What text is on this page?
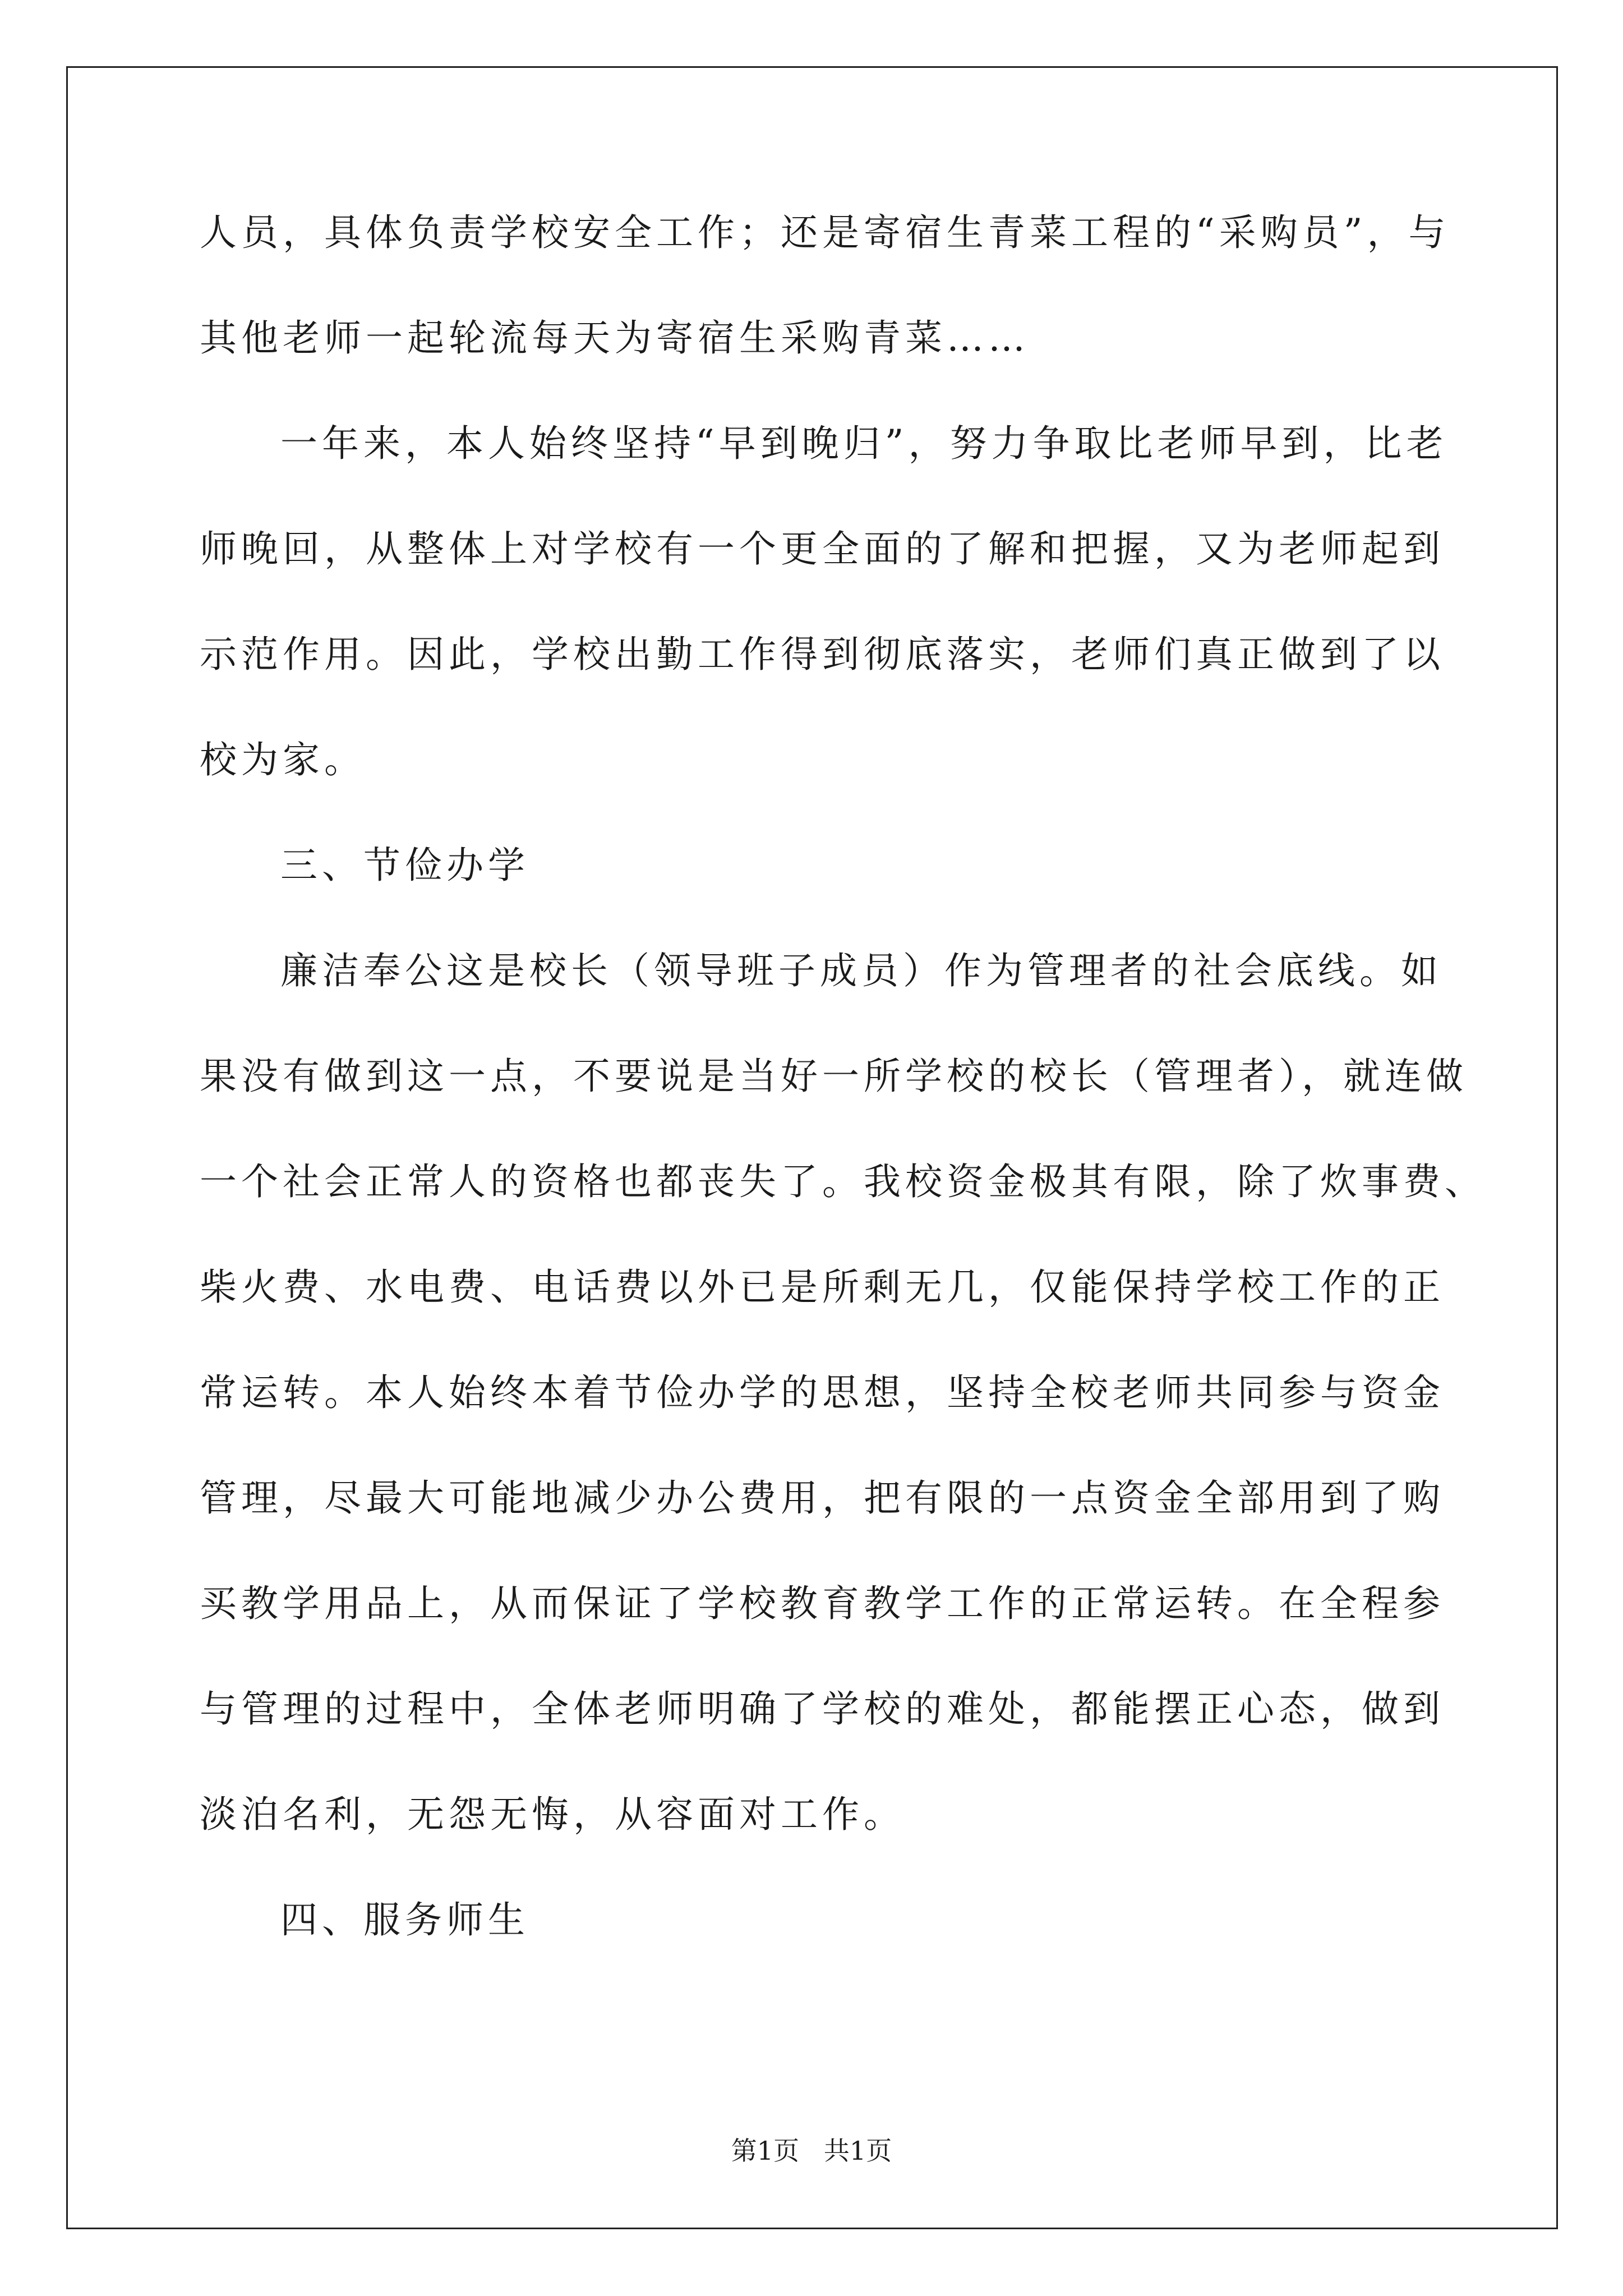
人员，具体负责学校安全工作；还是寄宿生青菜工程的“采购员”，与
其他老师一起轮流每天为寄宿生采购青菜……
一年来，本人始终坚持“早到晚归”，努力争取比老师早到，比老
师晚回，从整体上对学校有一个更全面的了解和把握，又为老师起到
示范作用。因此，学校出勤工作得到彻底落实，老师们真正做到了以
校为家。
三、节俭办学
廉洁奉公这是校长（领导班子成员）作为管理者的社会底线。如
果没有做到这一点，不要说是当好一所学校的校长（管理者），就连做
一个社会正常人的资格也都丧失了。我校资金极其有限，除了炊事费、
柴火费、水电费、电话费以外已是所剩无几，仅能保持学校工作的正
常运转。本人始终本着节俭办学的思想，坚持全校老师共同参与资金
管理，尽最大可能地减少办公费用，把有限的一点资金全部用到了购
买教学用品上，从而保证了学校教育教学工作的正常运转。在全程参
与管理的过程中，全体老师明确了学校的难处，都能摆正心态，做到
淡泊名利，无怨无悔，从容面对工作。
四、服务师生
第1页   共1页
